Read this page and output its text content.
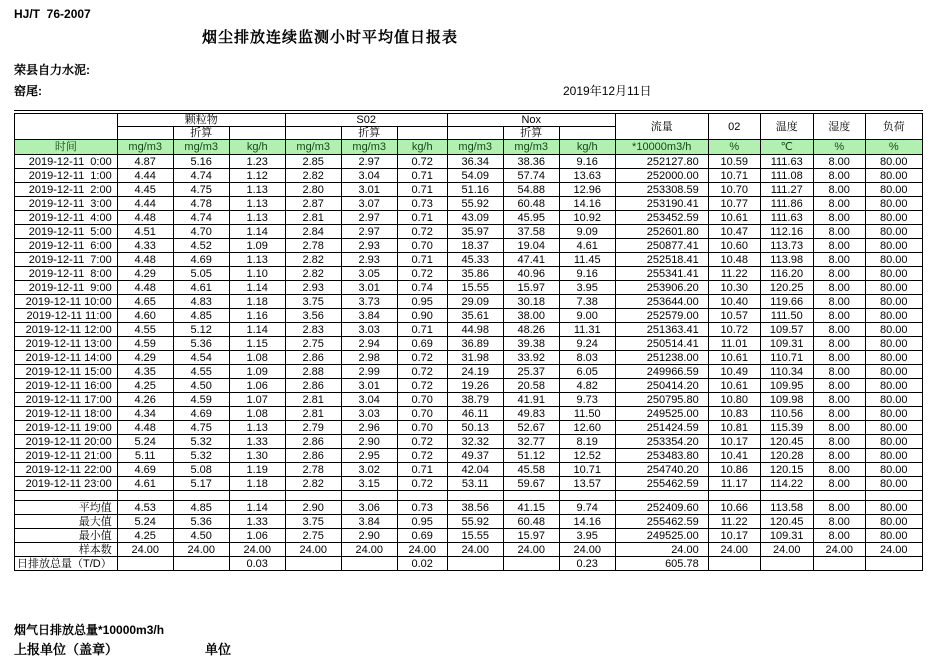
HJ/T  76-2007
烟尘排放连续监测小时平均值日报表
荣县自力水泥:
窑尾:	2019年12月11日
	颗粒物			S02			Nox			流量	02	温度	湿度	负荷
		折算			折算			折算						
时间	mg/m3	mg/m3	kg/h	mg/m3	mg/m3	kg/h	mg/m3	mg/m3	kg/h	*10000m3/h	%	℃	%	%
2019-12-11  0:00	4.87	5.16	1.23	2.85	2.97	0.72	36.34	38.36	9.16	252127.80	10.59	111.63	8.00	80.00
2019-12-11  1:00	4.44	4.74	1.12	2.82	3.04	0.71	54.09	57.74	13.63	252000.00	10.71	111.08	8.00	80.00
2019-12-11  2:00	4.45	4.75	1.13	2.80	3.01	0.71	51.16	54.88	12.96	253308.59	10.70	111.27	8.00	80.00
2019-12-11  3:00	4.44	4.78	1.13	2.87	3.07	0.73	55.92	60.48	14.16	253190.41	10.77	111.86	8.00	80.00
2019-12-11  4:00	4.48	4.74	1.13	2.81	2.97	0.71	43.09	45.95	10.92	253452.59	10.61	111.63	8.00	80.00
2019-12-11  5:00	4.51	4.70	1.14	2.84	2.97	0.72	35.97	37.58	9.09	252601.80	10.47	112.16	8.00	80.00
2019-12-11  6:00	4.33	4.52	1.09	2.78	2.93	0.70	18.37	19.04	4.61	250877.41	10.60	113.73	8.00	80.00
2019-12-11  7:00	4.48	4.69	1.13	2.82	2.93	0.71	45.33	47.41	11.45	252518.41	10.48	113.98	8.00	80.00
2019-12-11  8:00	4.29	5.05	1.10	2.82	3.05	0.72	35.86	40.96	9.16	255341.41	11.22	116.20	8.00	80.00
2019-12-11  9:00	4.48	4.61	1.14	2.93	3.01	0.74	15.55	15.97	3.95	253906.20	10.30	120.25	8.00	80.00
2019-12-11 10:00	4.65	4.83	1.18	3.75	3.73	0.95	29.09	30.18	7.38	253644.00	10.40	119.66	8.00	80.00
2019-12-11 11:00	4.60	4.85	1.16	3.56	3.84	0.90	35.61	38.00	9.00	252579.00	10.57	111.50	8.00	80.00
2019-12-11 12:00	4.55	5.12	1.14	2.83	3.03	0.71	44.98	48.26	11.31	251363.41	10.72	109.57	8.00	80.00
2019-12-11 13:00	4.59	5.36	1.15	2.75	2.94	0.69	36.89	39.38	9.24	250514.41	11.01	109.31	8.00	80.00
2019-12-11 14:00	4.29	4.54	1.08	2.86	2.98	0.72	31.98	33.92	8.03	251238.00	10.61	110.71	8.00	80.00
2019-12-11 15:00	4.35	4.55	1.09	2.88	2.99	0.72	24.19	25.37	6.05	249966.59	10.49	110.34	8.00	80.00
2019-12-11 16:00	4.25	4.50	1.06	2.86	3.01	0.72	19.26	20.58	4.82	250414.20	10.61	109.95	8.00	80.00
2019-12-11 17:00	4.26	4.59	1.07	2.81	3.04	0.70	38.79	41.91	9.73	250795.80	10.80	109.98	8.00	80.00
2019-12-11 18:00	4.34	4.69	1.08	2.81	3.03	0.70	46.11	49.83	11.50	249525.00	10.83	110.56	8.00	80.00
2019-12-11 19:00	4.48	4.75	1.13	2.79	2.96	0.70	50.13	52.67	12.60	251424.59	10.81	115.39	8.00	80.00
2019-12-11 20:00	5.24	5.32	1.33	2.86	2.90	0.72	32.32	32.77	8.19	253354.20	10.17	120.45	8.00	80.00
2019-12-11 21:00	5.11	5.32	1.30	2.86	2.95	0.72	49.37	51.12	12.52	253483.80	10.41	120.28	8.00	80.00
2019-12-11 22:00	4.69	5.08	1.19	2.78	3.02	0.71	42.04	45.58	10.71	254740.20	10.86	120.15	8.00	80.00
2019-12-11 23:00	4.61	5.17	1.18	2.82	3.15	0.72	53.11	59.67	13.57	255462.59	11.17	114.22	8.00	80.00

平均值	4.53	4.85	1.14	2.90	3.06	0.73	38.56	41.15	9.74	252409.60	10.66	113.58	8.00	80.00
最大值	5.24	5.36	1.33	3.75	3.84	0.95	55.92	60.48	14.16	255462.59	11.22	120.45	8.00	80.00
最小值	4.25	4.50	1.06	2.75	2.90	0.69	15.55	15.97	3.95	249525.00	10.17	109.31	8.00	80.00
样本数	24.00	24.00	24.00	24.00	24.00	24.00	24.00	24.00	24.00	24.00	24.00	24.00	24.00	24.00
日排放总量（T/D）			0.03			0.02			0.23	605.78				
烟气日排放总量*10000m3/h
上报单位（盖章）	单位
